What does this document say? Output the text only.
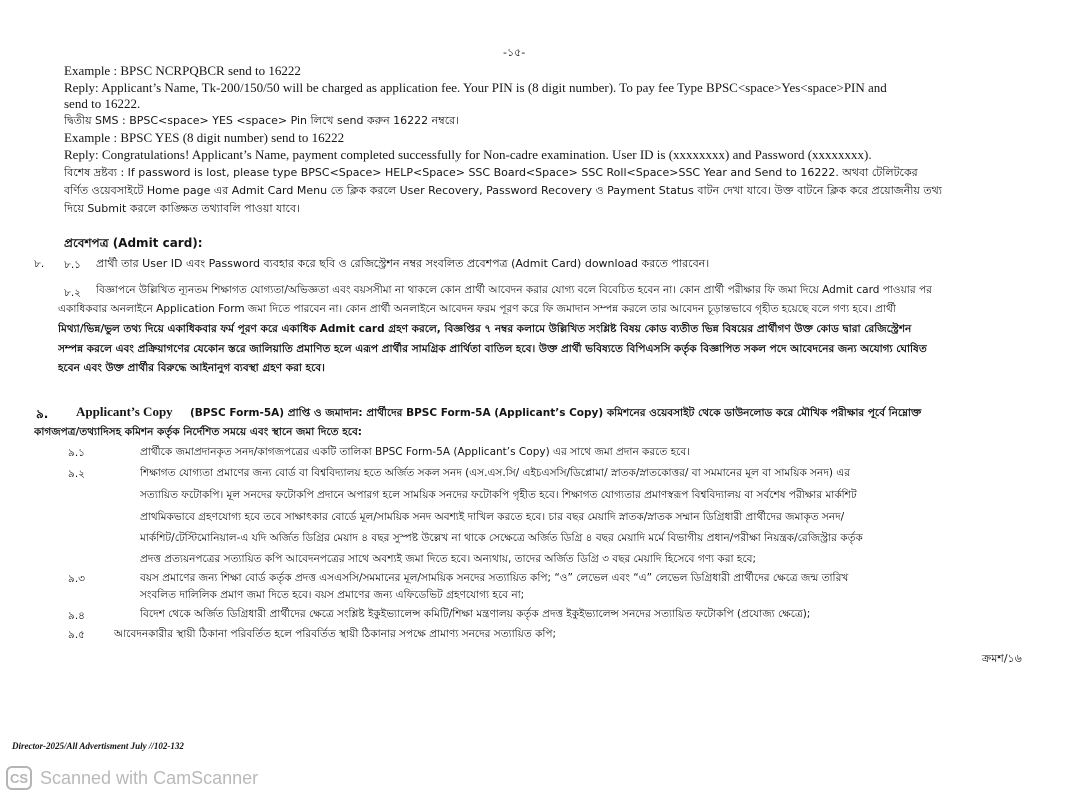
-১৫-
Example : BPSC NCRPQBCR send to 16222
Reply: Applicant’s Name, Tk-200/150/50 will be charged as application fee. Your PIN is (8 digit number). To pay fee Type BPSC<space>Yes<space>PIN and
send to 16222.
দ্বিতীয় SMS : BPSC<space> YES <space> Pin লিখে send করুন 16222 নম্বরে।
Example : BPSC YES (8 digit number) send to 16222
Reply: Congratulations! Applicant’s Name, payment completed successfully for Non-cadre examination. User ID is (xxxxxxxx) and Password (xxxxxxxx).
বিশেষ দ্রষ্টব্য : If password is lost, please type BPSC<Space> HELP<Space> SSC Board<Space> SSC Roll<Space>SSC Year and Send to 16222. অথবা টেলিটকের
বর্ণিত ওয়েবসাইটে Home page এর Admit Card Menu তে ক্লিক করলে User Recovery, Password Recovery ও Payment Status বাটন দেখা যাবে। উক্ত বাটনে ক্লিক করে প্রয়োজনীয় তথ্য
দিয়ে Submit করলে কাঙ্ক্ষিত তথ্যাবলি পাওয়া যাবে।
প্রবেশপত্র (Admit card):
৮. ৮.১ প্রার্থী তার User ID এবং Password ব্যবহার করে ছবি ও রেজিস্ট্রেশন নম্বর সংবলিত প্রবেশপত্র (Admit Card) download করতে পারবেন।
৮.২ বিজ্ঞাপনে উল্লিখিত ন্যূনতম শিক্ষাগত যোগ্যতা/অভিজ্ঞতা এবং বয়সসীমা না থাকলে কোন প্রার্থী আবেদন করার যোগ্য বলে বিবেচিত হবেন না। কোন প্রার্থী পরীক্ষার ফি জমা দিয়ে Admit card পাওয়ার পর
একাধিকবার অনলাইনে Application Form জমা দিতে পারবেন না। কোন প্রার্থী অনলাইনে আবেদন ফরম পূরণ করে ফি জমাদান সম্পন্ন করলে তার আবেদন চূড়ান্তভাবে গৃহীত হয়েছে বলে গণ্য হবে। প্রার্থী
মিথ্যা/ভিন্ন/ভুল তথ্য দিয়ে একাধিকবার ফর্ম পূরণ করে একাধিক Admit card গ্রহণ করলে, বিজ্ঞপ্তির ৭ নম্বর কলামে উল্লিখিত সংশ্লিষ্ট বিষয় কোড ব্যতীত ভিন্ন বিষয়ের প্রার্থীগণ উক্ত কোড দ্বারা রেজিস্ট্রেশন
সম্পন্ন করলে এবং প্রক্রিয়াগণের যেকোন স্তরে জালিয়াতি প্রমাণিত হলে এরূপ প্রার্থীর সামগ্রিক প্রার্থিতা বাতিল হবে। উক্ত প্রার্থী ভবিষ্যতে বিপিএসসি কর্তৃক বিজ্ঞাপিত সকল পদে আবেদনের জন্য অযোগ্য ঘোষিত
হবেন এবং উক্ত প্রার্থীর বিরুদ্ধে আইনানুগ ব্যবস্থা গ্রহণ করা হবে।
৯. Applicant’s Copy (BPSC Form-5A) প্রাপ্তি ও জমাদান: প্রার্থীদের BPSC Form-5A (Applicant’s Copy) কমিশনের ওয়েবসাইট থেকে ডাউনলোড করে মৌখিক পরীক্ষার পূর্বে নিম্নোক্ত
কাগজপত্র/তথ্যাদিসহ কমিশন কর্তৃক নির্দেশিত সময়ে এবং স্থানে জমা দিতে হবে:
৯.১	প্রার্থীকে জমাপ্রদানকৃত সনদ/কাগজপত্রের একটি তালিকা BPSC Form-5A (Applicant’s Copy) এর সাথে জমা প্রদান করতে হবে।
৯.২	শিক্ষাগত যোগ্যতা প্রমাণের জন্য বোর্ড বা বিশ্ববিদ্যালয় হতে অর্জিত সকল সনদ (এস.এস.সি/ এইচএসসি/ডিপ্লোমা/ স্নাতক/স্নাতকোত্তর/ বা সমমানের মূল বা সাময়িক সনদ) এর
সত্যায়িত ফটোকপি। মূল সনদের ফটোকপি প্রদানে অপারগ হলে সাময়িক সনদের ফটোকপি গৃহীত হবে। শিক্ষাগত যোগ্যতার প্রমাণস্বরূপ বিশ্ববিদ্যালয় বা সর্বশেষ পরীক্ষার মার্কশিট
প্রাথমিকভাবে গ্রহণযোগ্য হবে তবে সাক্ষাৎকার বোর্ডে মূল/সাময়িক সনদ অবশ্যই দাখিল করতে হবে। চার বছর মেয়াদি স্নাতক/স্নাতক সম্মান ডিগ্রিধারী প্রার্থীদের জমাকৃত সনদ/
মার্কশিট/টেস্টিমোনিয়াল-এ যদি অর্জিত ডিগ্রির মেয়াদ ৪ বছর সুস্পষ্ট উল্লেখ না থাকে সেক্ষেত্রে অর্জিত ডিগ্রি ৪ বছর মেয়াদি মর্মে বিভাগীয় প্রধান/পরীক্ষা নিয়ন্ত্রক/রেজিস্ট্রার কর্তৃক
প্রদত্ত প্রত্যয়নপত্রের সত্যায়িত কপি আবেদনপত্রের সাথে অবশ্যই জমা দিতে হবে। অন্যথায়, তাদের অর্জিত ডিগ্রি ৩ বছর মেয়াদি হিসেবে গণ্য করা হবে;
৯.৩	বয়স প্রমাণের জন্য শিক্ষা বোর্ড কর্তৃক প্রদত্ত এসএসসি/সমমানের মূল/সাময়িক সনদের সত্যায়িত কপি; “ও” লেভেল এবং “এ” লেভেল ডিগ্রিধারী প্রার্থীদের ক্ষেত্রে জন্ম তারিখ
সংবলিত দালিলিক প্রমাণ জমা দিতে হবে। বয়স প্রমাণের জন্য এফিডেভিট গ্রহণযোগ্য হবে না;
৯.৪	বিদেশ থেকে অর্জিত ডিগ্রিধারী প্রার্থীদের ক্ষেত্রে সংশ্লিষ্ট ইকুইভ্যালেন্স কমিটি/শিক্ষা মন্ত্রণালয় কর্তৃক প্রদত্ত ইকুইভ্যালেন্স সনদের সত্যায়িত ফটোকপি (প্রযোজ্য ক্ষেত্রে);
৯.৫	আবেদনকারীর স্থায়ী ঠিকানা পরিবর্তিত হলে পরিবর্তিত স্থায়ী ঠিকানার সপক্ষে প্রামাণ্য সনদের সত্যায়িত কপি;
ক্রমশ/১৬
Director-2025/All Advertisment July //102-132
CS Scanned with CamScanner
